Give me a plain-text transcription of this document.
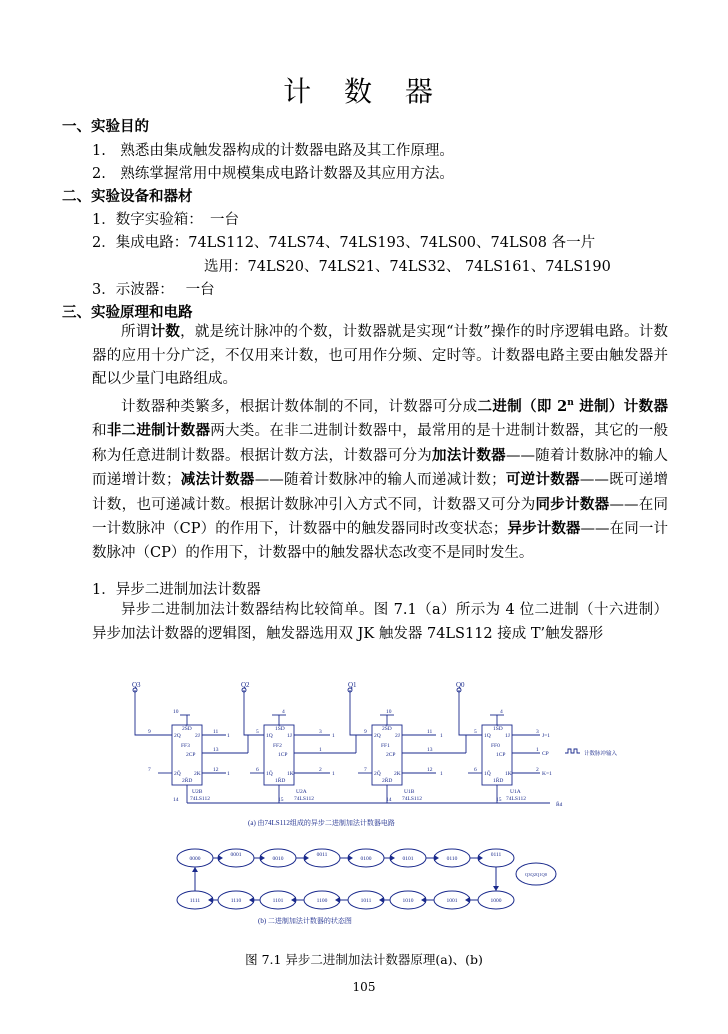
计 数 器
一、实验目的
1.　熟悉由集成触发器构成的计数器电路及其工作原理。
2.　熟练掌握常用中规模集成电路计数器及其应用方法。
二、实验设备和器材
1．数字实验箱：　一台
2．集成电路：74LS112、74LS74、74LS193、74LS00、74LS08 各一片
选用：74LS20、74LS21、74LS32、 74LS161、74LS190
3．示波器：　 一台
三、实验原理和电路
所谓计数，就是统计脉冲的个数，计数器就是实现“计数”操作的时序逻辑电路。计数器的应用十分广泛，不仅用来计数，也可用作分频、定时等。计数器电路主要由触发器并配以少量门电路组成。
计数器种类繁多，根据计数体制的不同，计数器可分成二进制（即 2$^n$ 进制）计数器和非二进制计数器两大类。在非二进制计数器中，最常用的是十进制计数器，其它的一般称为任意进制计数器。根据计数方法，计数器可分为加法计数器——随着计数脉冲的输人而递增计数；减法计数器——随着计数脉冲的输人而递减计数；可逆计数器——既可递增计数，也可递减计数。根据计数脉冲引入方式不同，计数器又可分为同步计数器——在同一计数脉冲（CP）的作用下，计数器中的触发器同时改变状态；异步计数器——在同一计数脉冲（CP）的作用下，计数器中的触发器状态改变不是同时发生。
1．异步二进制加法计数器
异步二进制加法计数器结构比较简单。图 7.1（a）所示为 4 位二进制（十六进制）异步加法计数器的逻辑图，触发器选用双 JK 触发器 74LS112 接成 T’触发器形
Q3	Q2	Q1	Q0
10
9
7
11
13
12
1
1
14
2Q
2S̄D
2J
FF3
2CP
2Q̄ 2K
2R̄D
U2B
74LS112
4
5
6
3
1
2
1
1
15
1Q
1S̄D
1J
FF2
1CP
1Q̄	1K
1R̄D
U2A
74LS112
10
9
7
11
13
12
1
1
14
2Q
2S̄D
2J
FF1
2CP
2Q̄ 2K
2R̄D
U1B
74LS112
4
5
6
3
1
2
15
1Q
1S̄D
1J
FF0
1CP
1Q̄	1K
1R̄D
U1A
74LS112
J=1
CP	计数脉冲输入
K=1
R̄d
(a) 由74LS112组成的异步二进制加法计数器电路
0000
0001
0010
0011
0100	0101	0110
0111
1111	1110	1101	1100	1011	1010	1001	1000
Q3Q2Q1Q0
(b) 二进制加法计数器的状态图
图 7.1 异步二进制加法计数器原理(a)、(b)
105
